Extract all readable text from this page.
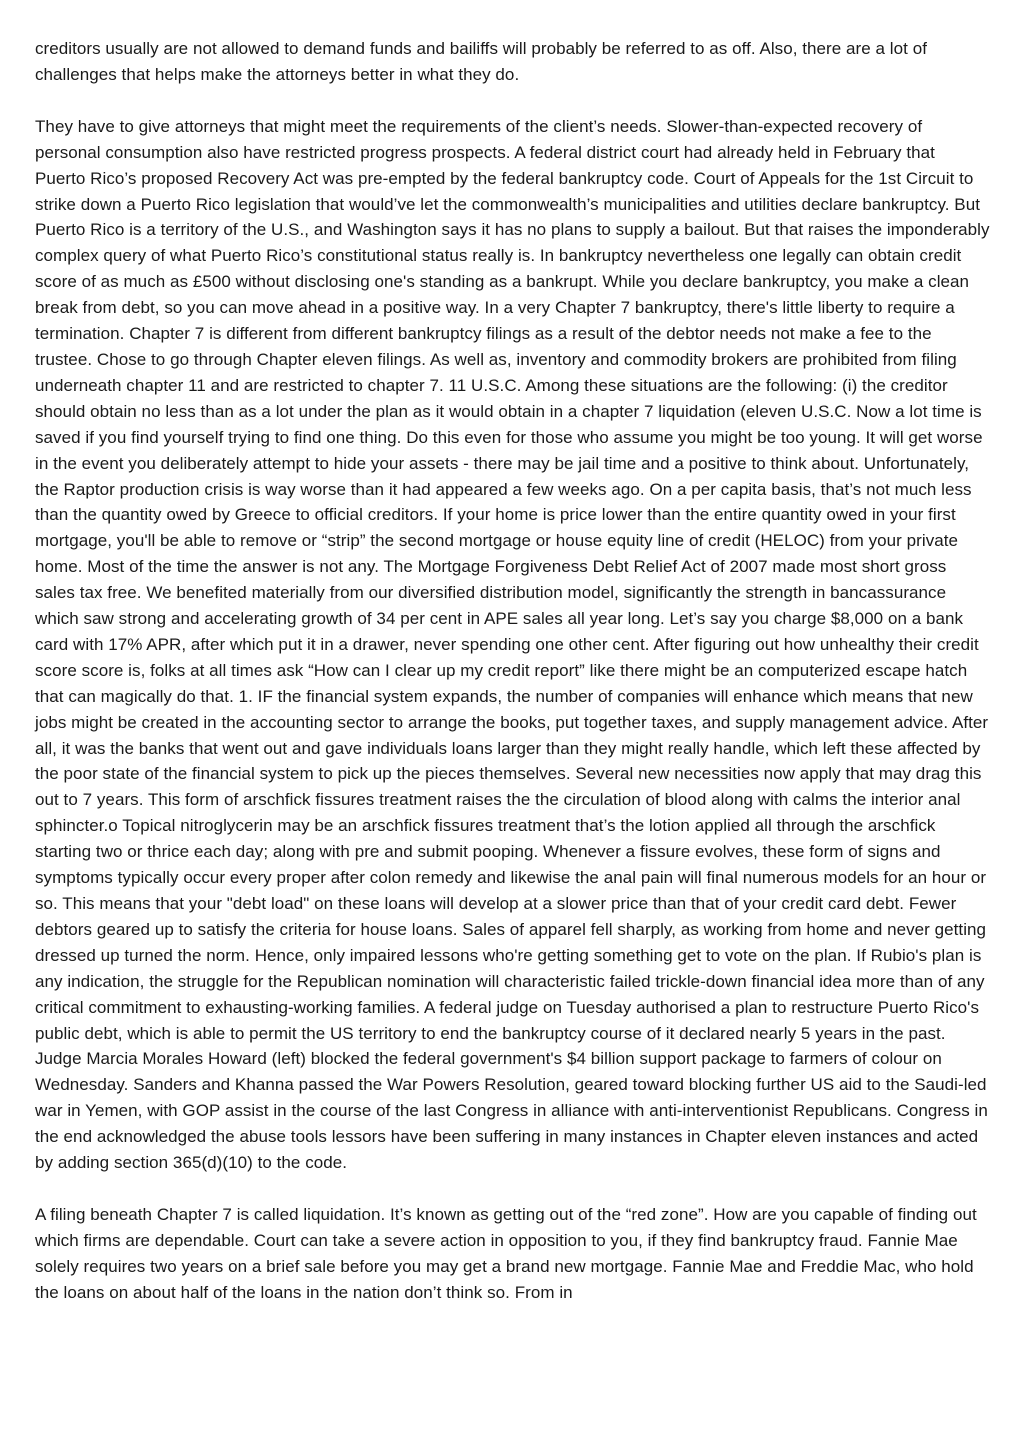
creditors usually are not allowed to demand funds and bailiffs will probably be referred to as off. Also, there are a lot of challenges that helps make the attorneys better in what they do.

They have to give attorneys that might meet the requirements of the client’s needs. Slower-than-expected recovery of personal consumption also have restricted progress prospects. A federal district court had already held in February that Puerto Rico’s proposed Recovery Act was pre-empted by the federal bankruptcy code. Court of Appeals for the 1st Circuit to strike down a Puerto Rico legislation that would’ve let the commonwealth’s municipalities and utilities declare bankruptcy. But Puerto Rico is a territory of the U.S., and Washington says it has no plans to supply a bailout. But that raises the imponderably complex query of what Puerto Rico’s constitutional status really is. In bankruptcy nevertheless one legally can obtain credit score of as much as £500 without disclosing one's standing as a bankrupt. While you declare bankruptcy, you make a clean break from debt, so you can move ahead in a positive way. In a very Chapter 7 bankruptcy, there's little liberty to require a termination. Chapter 7 is different from different bankruptcy filings as a result of the debtor needs not make a fee to the trustee. Chose to go through Chapter eleven filings. As well as, inventory and commodity brokers are prohibited from filing underneath chapter 11 and are restricted to chapter 7. 11 U.S.C. Among these situations are the following: (i) the creditor should obtain no less than as a lot under the plan as it would obtain in a chapter 7 liquidation (eleven U.S.C. Now a lot time is saved if you find yourself trying to find one thing. Do this even for those who assume you might be too young. It will get worse in the event you deliberately attempt to hide your assets - there may be jail time and a positive to think about. Unfortunately, the Raptor production crisis is way worse than it had appeared a few weeks ago. On a per capita basis, that’s not much less than the quantity owed by Greece to official creditors. If your home is price lower than the entire quantity owed in your first mortgage, you'll be able to remove or “strip” the second mortgage or house equity line of credit (HELOC) from your private home. Most of the time the answer is not any. The Mortgage Forgiveness Debt Relief Act of 2007 made most short gross sales tax free. We benefited materially from our diversified distribution model, significantly the strength in bancassurance which saw strong and accelerating growth of 34 per cent in APE sales all year long. Let’s say you charge $8,000 on a bank card with 17% APR, after which put it in a drawer, never spending one other cent. After figuring out how unhealthy their credit score score is, folks at all times ask “How can I clear up my credit report” like there might be an computerized escape hatch that can magically do that. 1. IF the financial system expands, the number of companies will enhance which means that new jobs might be created in the accounting sector to arrange the books, put together taxes, and supply management advice. After all, it was the banks that went out and gave individuals loans larger than they might really handle, which left these affected by the poor state of the financial system to pick up the pieces themselves. Several new necessities now apply that may drag this out to 7 years. This form of arschfick fissures treatment raises the the circulation of blood along with calms the interior anal sphincter.o Topical nitroglycerin may be an arschfick fissures treatment that’s the lotion applied all through the arschfick starting two or thrice each day; along with pre and submit pooping. Whenever a fissure evolves, these form of signs and symptoms typically occur every proper after colon remedy and likewise the anal pain will final numerous models for an hour or so. This means that your "debt load" on these loans will develop at a slower price than that of your credit card debt. Fewer debtors geared up to satisfy the criteria for house loans. Sales of apparel fell sharply, as working from home and never getting dressed up turned the norm. Hence, only impaired lessons who're getting something get to vote on the plan. If Rubio's plan is any indication, the struggle for the Republican nomination will characteristic failed trickle-down financial idea more than of any critical commitment to exhausting-working families. A federal judge on Tuesday authorised a plan to restructure Puerto Rico's public debt, which is able to permit the US territory to end the bankruptcy course of it declared nearly 5 years in the past. Judge Marcia Morales Howard (left) blocked the federal government's $4 billion support package to farmers of colour on Wednesday. Sanders and Khanna passed the War Powers Resolution, geared toward blocking further US aid to the Saudi-led war in Yemen, with GOP assist in the course of the last Congress in alliance with anti-interventionist Republicans. Congress in the end acknowledged the abuse tools lessors have been suffering in many instances in Chapter eleven instances and acted by adding section 365(d)(10) to the code.

A filing beneath Chapter 7 is called liquidation. It’s known as getting out of the “red zone”. How are you capable of finding out which firms are dependable. Court can take a severe action in opposition to you, if they find bankruptcy fraud. Fannie Mae solely requires two years on a brief sale before you may get a brand new mortgage. Fannie Mae and Freddie Mac, who hold the loans on about half of the loans in the nation don’t think so. From in
